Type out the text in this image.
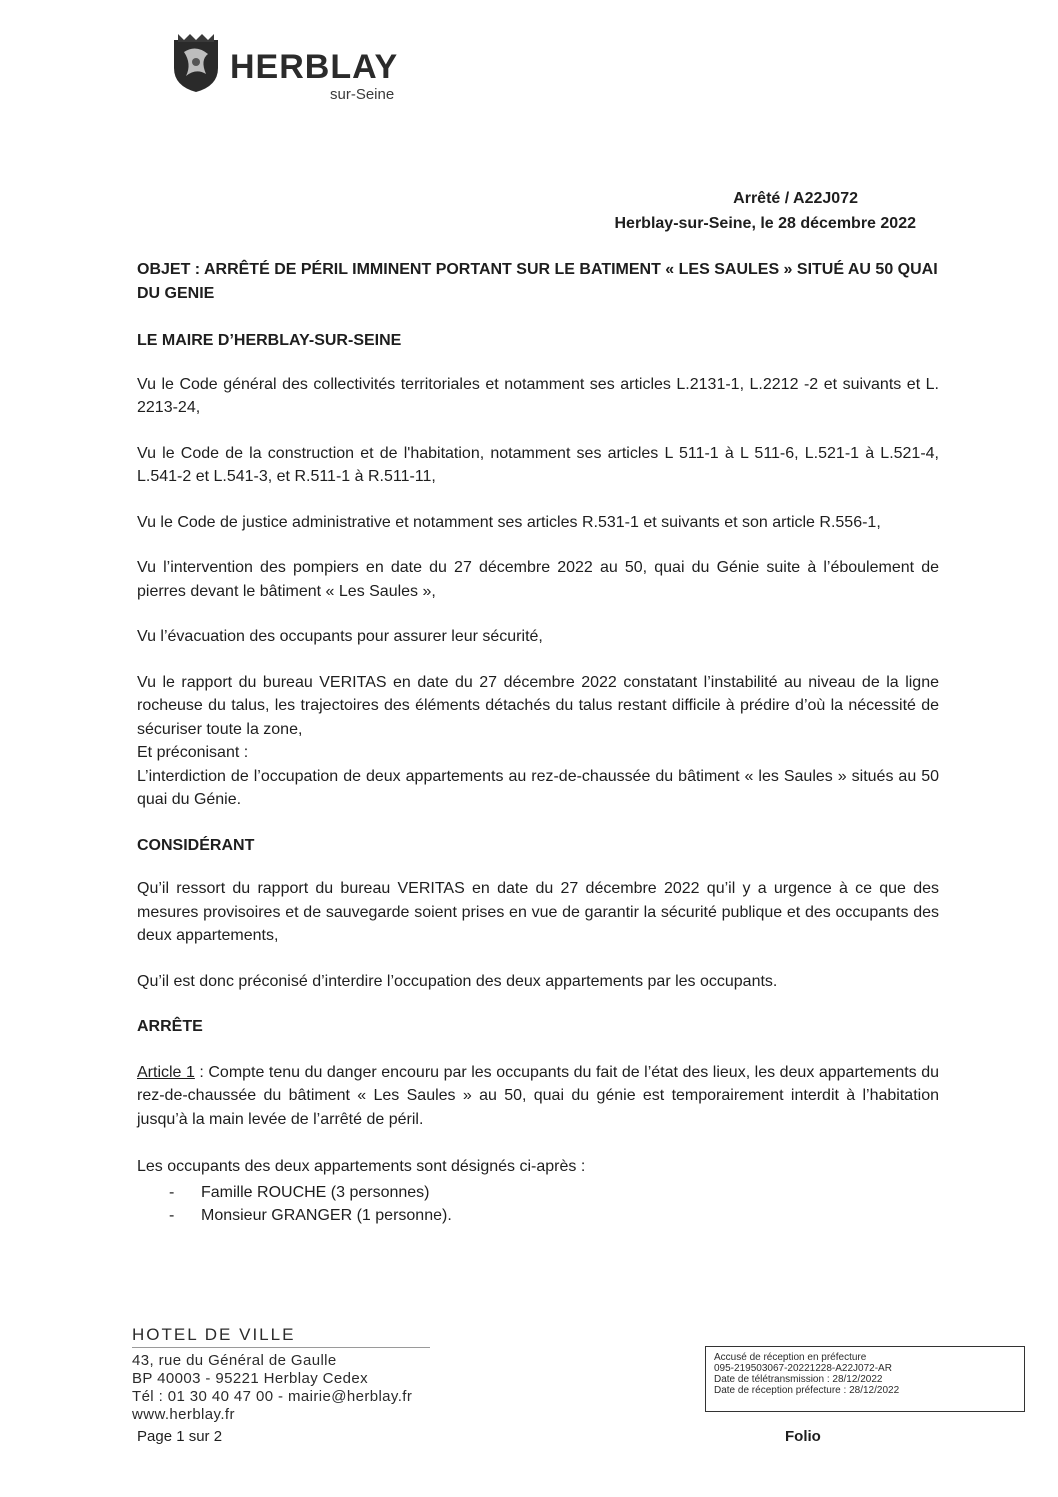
HERBLAY
sur-Seine
Arrêté / A22J072
Herblay-sur-Seine, le 28 décembre 2022

OBJET : ARRÊTÉ DE PÉRIL IMMINENT PORTANT SUR LE BATIMENT « LES SAULES » SITUÉ AU 50 QUAI DU GENIE

LE MAIRE D’HERBLAY-SUR-SEINE

Vu le Code général des collectivités territoriales et notamment ses articles L.2131-1, L.2212 -2 et suivants et L. 2213-24,

Vu le Code de la construction et de l'habitation, notamment ses articles L 511-1 à L 511-6, L.521-1 à L.521-4, L.541-2 et L.541-3, et R.511-1 à R.511-11,

Vu le Code de justice administrative et notamment ses articles R.531-1 et suivants et son article R.556-1,

Vu l’intervention des pompiers en date du 27 décembre 2022 au 50, quai du Génie suite à l’éboulement de pierres devant le bâtiment « Les Saules »,

Vu l’évacuation des occupants pour assurer leur sécurité,

Vu le rapport du bureau VERITAS en date du 27 décembre 2022 constatant l’instabilité au niveau de la ligne rocheuse du talus, les trajectoires des éléments détachés du talus restant difficile à prédire d’où la nécessité de sécuriser toute la zone,

Et préconisant :

L’interdiction de l’occupation de deux appartements au rez-de-chaussée du bâtiment « les Saules » situés au 50 quai du Génie.

CONSIDÉRANT

Qu’il ressort du rapport du bureau VERITAS en date du 27 décembre 2022 qu’il y a urgence à ce que des mesures provisoires et de sauvegarde soient prises en vue de garantir la sécurité publique et des occupants des deux appartements,

Qu’il est donc préconisé d’interdire l’occupation des deux appartements par les occupants.

ARRÊTE

Article 1 : Compte tenu du danger encouru par les occupants du fait de l’état des lieux, les deux appartements du rez-de-chaussée du bâtiment « Les Saules » au 50, quai du génie est temporairement interdit à l’habitation jusqu’à la main levée de l’arrêté de péril.

Les occupants des deux appartements sont désignés ci-après :

- Famille ROUCHE (3 personnes)
- Monsieur GRANGER (1 personne).
HOTEL DE VILLE
43, rue du Général de Gaulle
BP 40003 - 95221 Herblay Cedex
Tél : 01 30 40 47 00 - mairie@herblay.fr
www.herblay.fr
Page 1 sur 2	Folio
Accusé de réception en préfecture
095-219503067-20221228-A22J072-AR
Date de télétransmission : 28/12/2022
Date de réception préfecture : 28/12/2022
